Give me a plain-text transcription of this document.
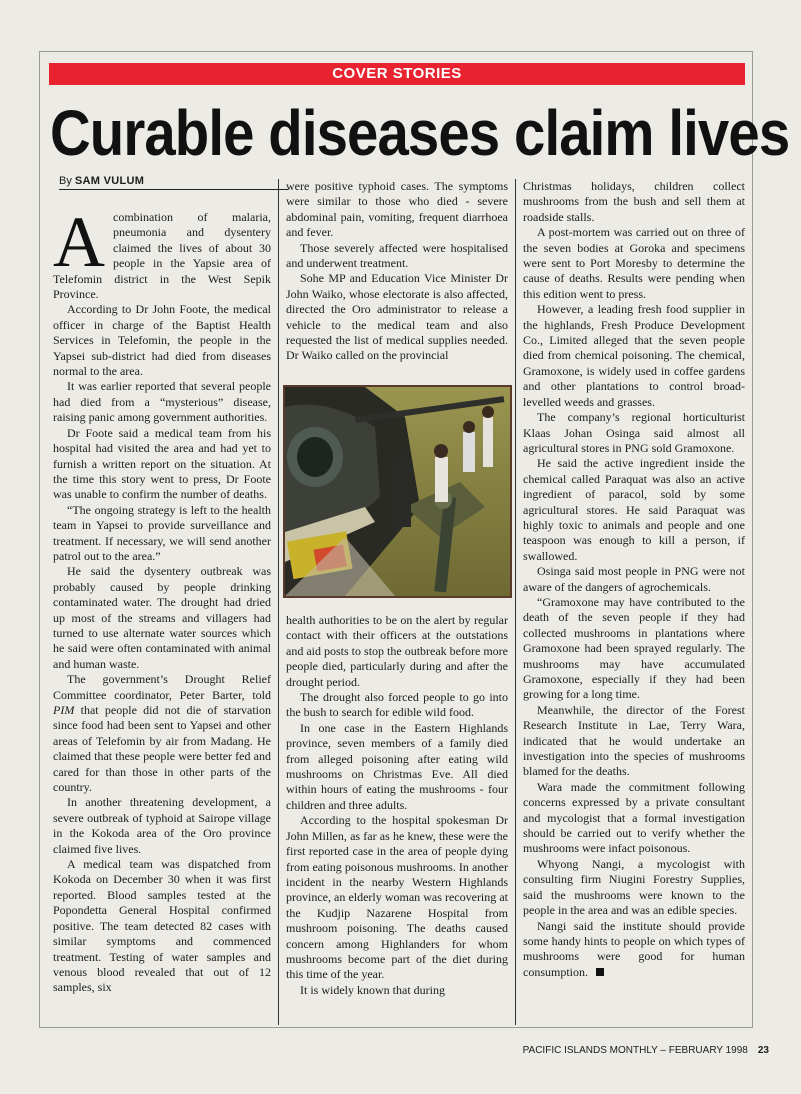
COVER STORIES
Curable diseases claim lives
By SAM VULUM

Acombination of malaria, pneumonia and dysentery claimed the lives of about 30 people in the Yapsie area of Telefomin district in the West Sepik Province.

According to Dr John Foote, the medical officer in charge of the Baptist Health Services in Telefomin, the people in the Yapsei sub-district had died from diseases normal to the area.

It was earlier reported that several people had died from a “mysterious” disease, raising panic among government authorities.

Dr Foote said a medical team from his hospital had visited the area and had yet to furnish a written report on the situation. At the time this story went to press, Dr Foote was unable to confirm the number of deaths.

“The ongoing strategy is left to the health team in Yapsei to provide surveillance and treatment. If necessary, we will send another patrol out to the area.”

He said the dysentery outbreak was probably caused by people drinking contaminated water. The drought had dried up most of the streams and villagers had turned to use alternate water sources which he said were often contaminated with animal and human waste.

The government’s Drought Relief Committee coordinator, Peter Barter, told PIM that people did not die of starvation since food had been sent to Yapsei and other areas of Telefomin by air from Madang. He claimed that these people were better fed and cared for than those in other parts of the country.

In another threatening development, a severe outbreak of typhoid at Sairope village in the Kokoda area of the Oro province claimed five lives.

A medical team was dispatched from Kokoda on December 30 when it was first reported. Blood samples tested at the Popondetta General Hospital confirmed positive. The team detected 82 cases with similar symptoms and commenced treatment. Testing of water samples and venous blood revealed that out of 12 samples, six

were positive typhoid cases. The symptoms were similar to those who died - severe abdominal pain, vomiting, frequent diarrhoea and fever.

Those severely affected were hospitalised and underwent treatment.

Sohe MP and Education Vice Minister Dr John Waiko, whose electorate is also affected, directed the Oro administrator to release a vehicle to the medical team and also requested the list of medical supplies needed. Dr Waiko called on the provincial

health authorities to be on the alert by regular contact with their officers at the outstations and aid posts to stop the outbreak before more people died, particularly during and after the drought period.

The drought also forced people to go into the bush to search for edible wild food.

In one case in the Eastern Highlands province, seven members of a family died from alleged poisoning after eating wild mushrooms on Christmas Eve. All died within hours of eating the mushrooms - four children and three adults.

According to the hospital spokesman Dr John Millen, as far as he knew, these were the first reported case in the area of people dying from eating poisonous mushrooms. In another incident in the nearby Western Highlands province, an elderly woman was recovering at the Kudjip Nazarene Hospital from mushroom poisoning. The deaths caused concern among Highlanders for whom mushrooms become part of the diet during this time of the year.

It is widely known that during

Christmas holidays, children collect mushrooms from the bush and sell them at roadside stalls.

A post-mortem was carried out on three of the seven bodies at Goroka and specimens were sent to Port Moresby to determine the cause of deaths. Results were pending when this edition went to press.

However, a leading fresh food supplier in the highlands, Fresh Produce Development Co., Limited alleged that the seven people died from chemical poisoning. The chemical, Gramoxone, is widely used in coffee gardens and other plantations to control broad-levelled weeds and grasses.

The company’s regional horticulturist Klaas Johan Osinga said almost all agricultural stores in PNG sold Gramoxone.

He said the active ingredient inside the chemical called Paraquat was also an active ingredient of paracol, sold by some agricultural stores. He said Paraquat was highly toxic to animals and people and one teaspoon was enough to kill a person, if swallowed.

Osinga said most people in PNG were not aware of the dangers of agrochemicals.

“Gramoxone may have contributed to the death of the seven people if they had collected mushrooms in plantations where Gramoxone had been sprayed regularly. The mushrooms may have accumulated Gramoxone, especially if they had been growing for a long time.

Meanwhile, the director of the Forest Research Institute in Lae, Terry Wara, indicated that he would undertake an investigation into the species of mushrooms blamed for the deaths.

Wara made the commitment following concerns expressed by a private consultant and mycologist that a formal investigation should be carried out to verify whether the mushrooms were infact poisonous.

Whyong Nangi, a mycologist with consulting firm Niugini Forestry Supplies, said the mushrooms were known to the people in the area and was an edible species.

Nangi said the institute should provide some handy hints to people on which types of mushrooms were good for human consumption.

PACIFIC ISLANDS MONTHLY – FEBRUARY 1998 23
